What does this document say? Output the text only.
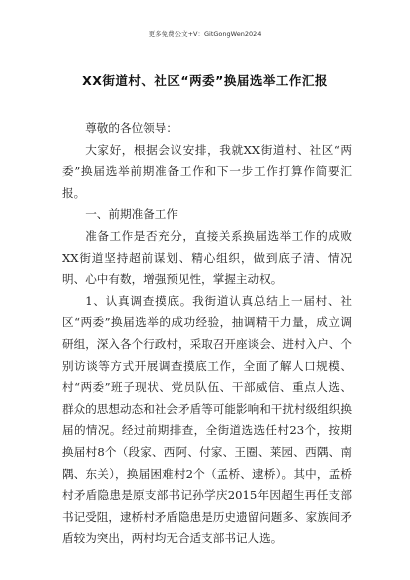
更多免费公文+V：GitGongWen2024
XX街道村、社区“两委”换届选举工作汇报

尊敬的各位领导：

大家好，根据会议安排，我就XX街道村、社区“两委”换届选举前期准备工作和下一步工作打算作简要汇报。

一、前期准备工作

准备工作是否充分，直接关系换届选举工作的成败XX街道坚持超前谋划、精心组织，做到底子清、情况明、心中有数，增强预见性，掌握主动权。

1、认真调查摸底。我街道认真总结上一届村、社区“两委”换届选举的成功经验，抽调精干力量，成立调研组，深入各个行政村，采取召开座谈会、进村入户、个别访谈等方式开展调查摸底工作，全面了解人口规模、村“两委”班子现状、党员队伍、干部威信、重点人选、群众的思想动态和社会矛盾等可能影响和干扰村级组织换届的情况。经过前期排查，全街道选选任村23个，按期换届村8个（段家、西阿、付家、王圈、莱园、西隅、南隅、东关），换届困难村2个（孟桥、逮桥）。其中，孟桥村矛盾隐患是原支部书记孙学庆2015年因超生再任支部书记受阻，逮桥村矛盾隐患是历史遗留问题多、家族间矛盾较为突出，两村均无合适支部书记人选。
